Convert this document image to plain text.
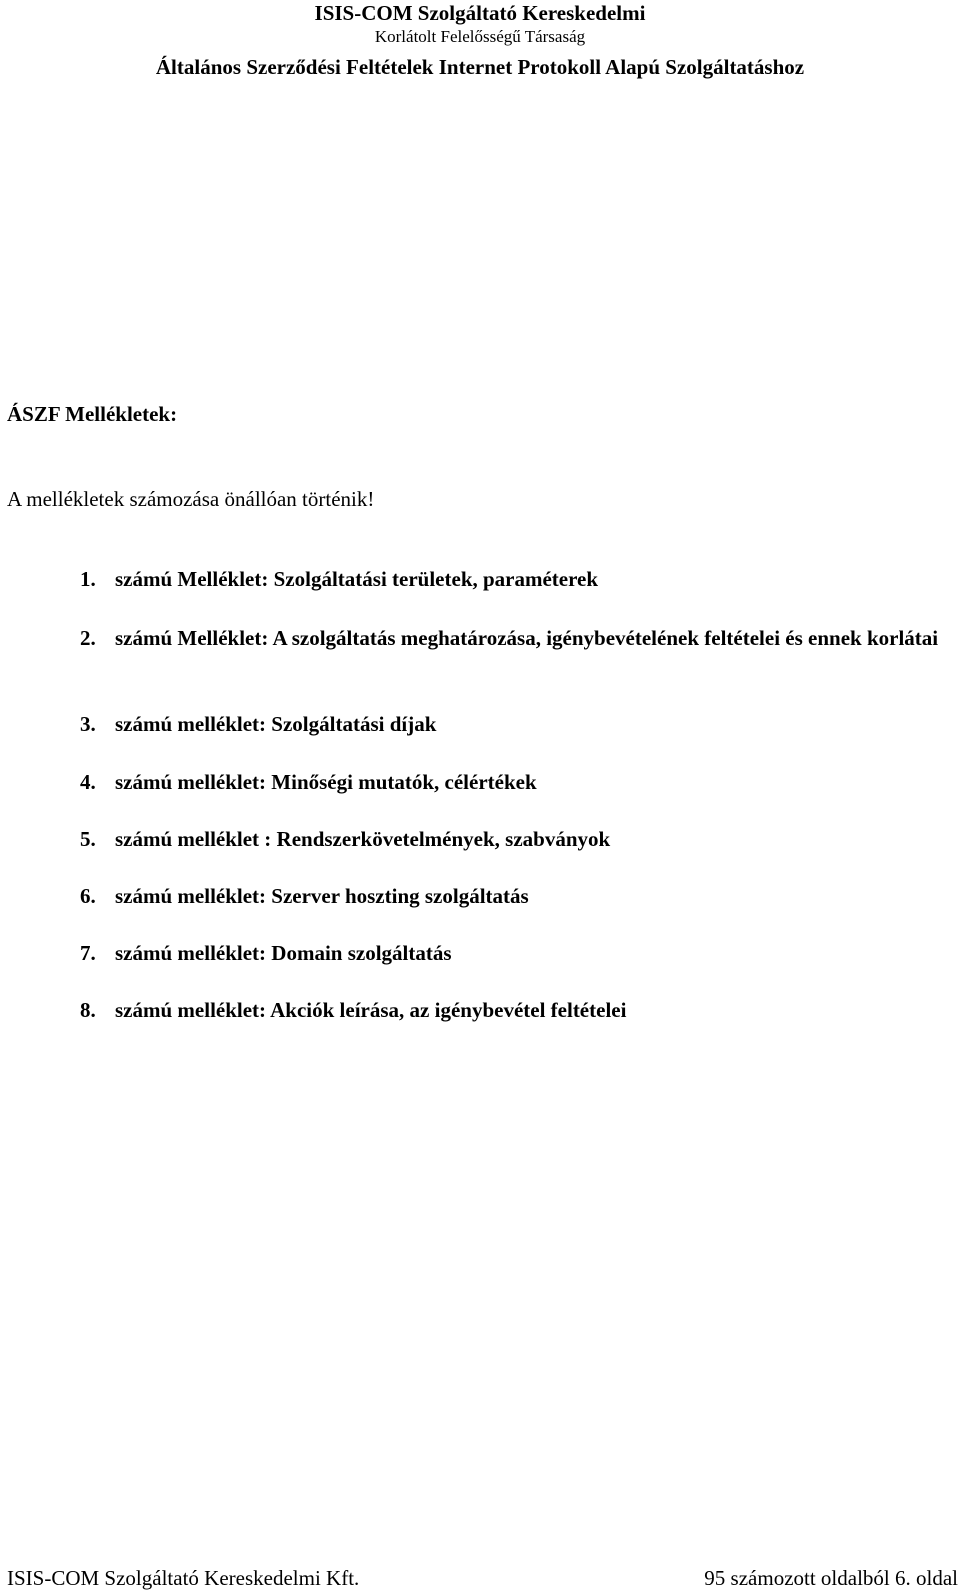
ISIS-COM Szolgáltató Kereskedelmi
Korlátolt Felelősségű Társaság
Általános Szerződési Feltételek Internet Protokoll Alapú Szolgáltatáshoz
ÁSZF Mellékletek:
A mellékletek számozása önállóan történik!
1. számú Melléklet: Szolgáltatási területek, paraméterek
2. számú Melléklet: A szolgáltatás meghatározása, igénybevételének feltételei és ennek korlátai
3. számú melléklet: Szolgáltatási díjak
4. számú melléklet: Minőségi mutatók, célértékek
5. számú melléklet : Rendszerkövetelmények, szabványok
6. számú melléklet: Szerver hoszting szolgáltatás
7. számú melléklet: Domain szolgáltatás
8. számú melléklet: Akciók leírása, az igénybevétel feltételei
ISIS-COM Szolgáltató Kereskedelmi Kft.	95 számozott oldalból 6. oldal
